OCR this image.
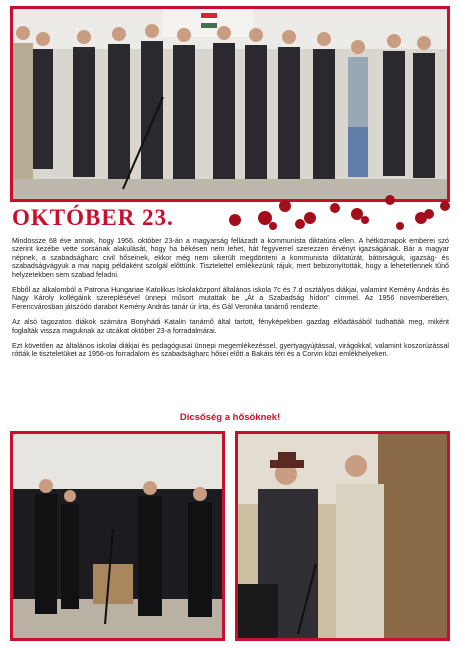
OKTÓBER 23.

Mindössze 68 éve annak, hogy 1956. október 23-án a magyarság fellázadt a kommunista diktatúra ellen. A hétköznapok emberei szó szerint kezébe vette sorsának alakulását, hogy ha békésen nem lehet, hát fegyverrel szerezzen érvényt igazságának. Bár a magyar népnek, a szabadságharc civil hőseinek, ekkor még nem sikerült megdönteni a kommunista diktatúrát, bátorságuk, igazság- és szabadságvágyuk a mai napig példaként szolgál előttünk. Tisztelettel emlékezünk rájuk, mert bebizonyították, hogy a lehetetlennek tűnő helyzetekben sem szabad feladni.

Ebből az alkalomból a Patrona Hungariae Katolikus Iskolaközpont általános iskola 7c és 7.d osztályos diákjai, valamint Kemény András és Nagy Károly kollégáink szereplésével ünnepi műsort mutattak be „Át a Szabadság hídon” címmel. Az 1956 novemberében, Ferencvárosban játszódó darabot Kemény András tanár úr írta, és Gál Veronika tanárnő rendezte.

Az alsó tagozatos diákok számára Bonyhádi Katalin tanárnő által tartott, fényképekben gazdag előadásából tudhatták meg, miként foglalták vissza maguknak az utcákat október 23-a forradalmárai.

Ezt követően az általános iskolai diákjai és pedagógusai ünnepi megemlékezéssel, gyertyagyújtással, virágokkal, valamint koszorúzással rótták le tiszteletüket az 1956-os forradalom és szabadságharc hősei előtt a Bakáts téri és a Corvin közi emlékhelyeken.

Dicsőség a hősöknek!
